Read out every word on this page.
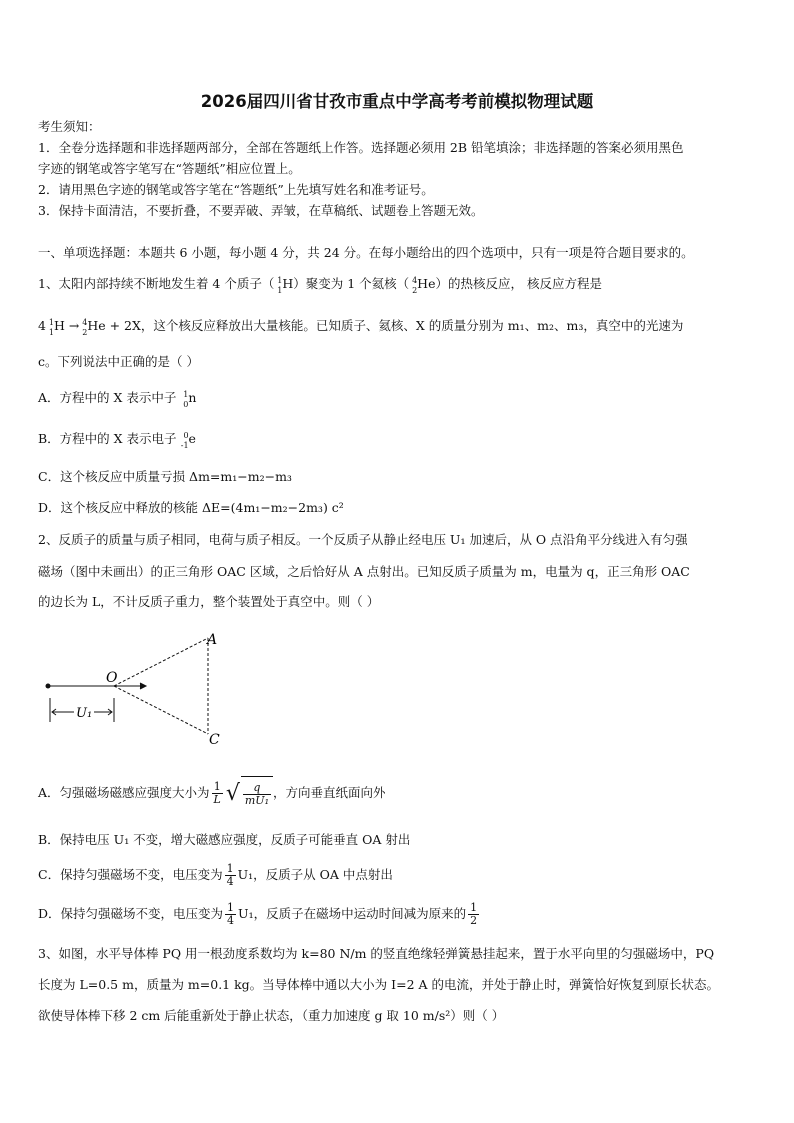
2026届四川省甘孜市重点中学高考考前模拟物理试题
考生须知：
1．全卷分选择题和非选择题两部分，全部在答题纸上作答。选择题必须用 2B 铅笔填涂；非选择题的答案必须用黑色
字迹的钢笔或答字笔写在“答题纸”相应位置上。
2．请用黑色字迹的钢笔或答字笔在“答题纸”上先填写姓名和准考证号。
3．保持卡面清洁，不要折叠，不要弄破、弄皱，在草稿纸、试题卷上答题无效。
一、单项选择题：本题共 6 小题，每小题 4 分，共 24 分。在每小题给出的四个选项中，只有一项是符合题目要求的。
1、太阳内部持续不断地发生着 4 个质子（ 1
1 H）聚变为 1 个氦核（ 4
2 He）的热核反应， 核反应方程是
4 1
1 H → 4
2 He + 2X，这个核反应释放出大量核能。已知质子、氦核、X 的质量分别为 m₁、m₂、m₃，真空中的光速为
c。下列说法中正确的是（ ）
A．方程中的 X 表示中子 1
0 n
B．方程中的 X 表示电子 0
-1 e
C．这个核反应中质量亏损 Δm=m₁−m₂−m₃
D．这个核反应中释放的核能 ΔE=(4m₁−m₂−2m₃) c²
2、反质子的质量与质子相同，电荷与质子相反。一个反质子从静止经电压 U₁ 加速后，从 O 点沿角平分线进入有匀强
磁场（图中未画出）的正三角形 OAC 区域，之后恰好从 A 点射出。已知反质子质量为 m，电量为 q，正三角形 OAC
的边长为 L，不计反质子重力，整个装置处于真空中。则（ ）
A
O
C
U₁
A．匀强磁场磁感应强度大小为 $\frac{1}{L}$ √ $\frac{q}{\text{mU₁}}$ ，方向垂直纸面向外
B．保持电压 U₁ 不变，增大磁感应强度，反质子可能垂直 OA 射出
C．保持匀强磁场不变，电压变为 $\frac{1}{4} U_1$，反质子从 OA 中点射出
D．保持匀强磁场不变，电压变为 $\frac{1}{4} U_1$，反质子在磁场中运动时间减为原来的 $\frac{1}{2}$
3、如图，水平导体棒 PQ 用一根劲度系数均为 k=80 N/m 的竖直绝缘轻弹簧悬挂起来，置于水平向里的匀强磁场中，PQ
长度为 L=0.5 m，质量为 m=0.1 kg。当导体棒中通以大小为 I=2 A 的电流，并处于静止时，弹簧恰好恢复到原长状态。
欲使导体棒下移 2 cm 后能重新处于静止状态，（重力加速度 g 取 10 m/s²）则（ ）
